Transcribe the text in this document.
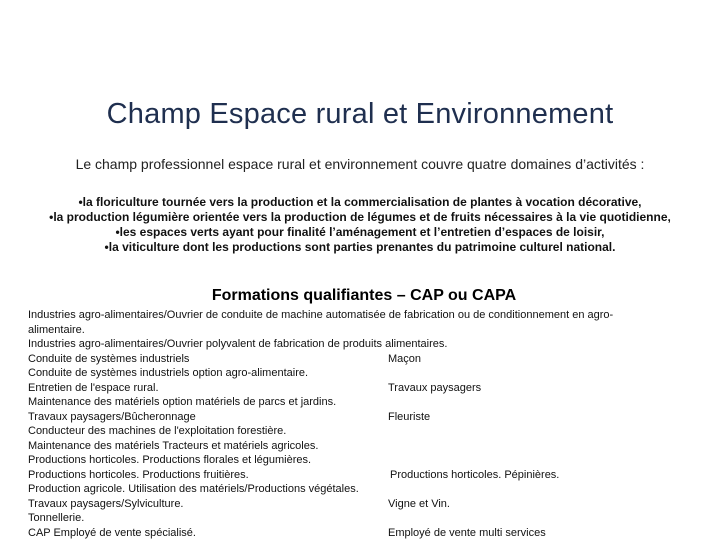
Champ Espace rural et Environnement
Le champ professionnel espace rural et environnement couvre quatre domaines d’activités :
•la floriculture tournée vers la production et la commercialisation de plantes à vocation décorative,
•la production légumière orientée vers la production de légumes et de fruits nécessaires à la vie quotidienne,
•les espaces verts ayant pour finalité l’aménagement et l’entretien d’espaces de loisir,
•la viticulture dont les productions sont parties prenantes du patrimoine culturel national.
Formations qualifiantes – CAP ou CAPA
Industries agro-alimentaires/Ouvrier de conduite de machine automatisée de fabrication ou de conditionnement en agro-alimentaire.
Industries agro-alimentaires/Ouvrier polyvalent de fabrication de produits alimentaires.
Conduite de systèmes industriels	Maçon
Conduite de systèmes industriels option agro-alimentaire.
Entretien de l'espace rural.	Travaux paysagers
Maintenance des matériels option matériels de parcs et jardins.
Travaux paysagers/Bûcheronnage	Fleuriste
Conducteur des machines de l'exploitation forestière.
Maintenance des matériels Tracteurs et matériels agricoles.
Productions horticoles. Productions florales et légumières.
Productions horticoles. Productions fruitières.	Productions horticoles. Pépinières.
Production agricole. Utilisation des matériels/Productions végétales.
Travaux paysagers/Sylviculture.	Vigne et Vin.
Tonnellerie.
CAP Employé de vente spécialisé.	Employé de vente multi services
